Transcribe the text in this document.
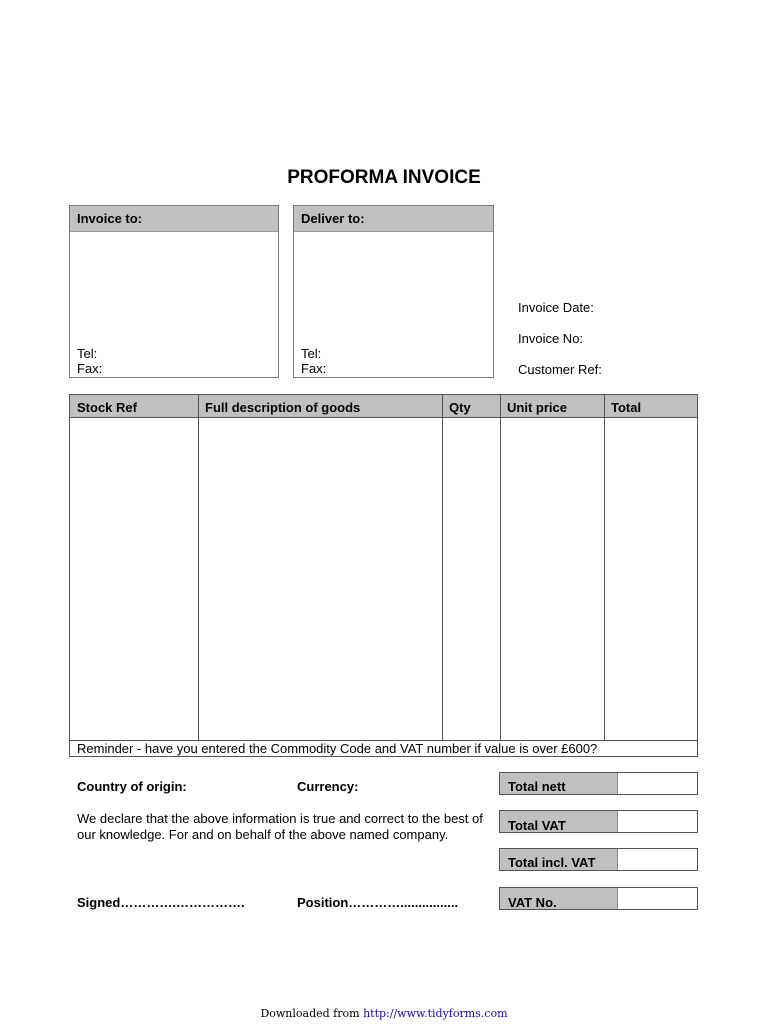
PROFORMA INVOICE
Invoice to:
Tel:
Fax:
Deliver to:
Tel:
Fax:
Invoice Date:
Invoice No:
Customer Ref:
Stock Ref	Full description of goods	Qty	Unit price	Total
Reminder - have you entered the Commodity Code and VAT number if value is over £600?
Country of origin:	Currency:
We declare that the above information is true and correct to the best of our knowledge. For and on behalf of the above named company.
Signed………….…………….	Position…………................
Total nett
Total VAT
Total incl. VAT
VAT No.
Downloaded from http://www.tidyforms.com
